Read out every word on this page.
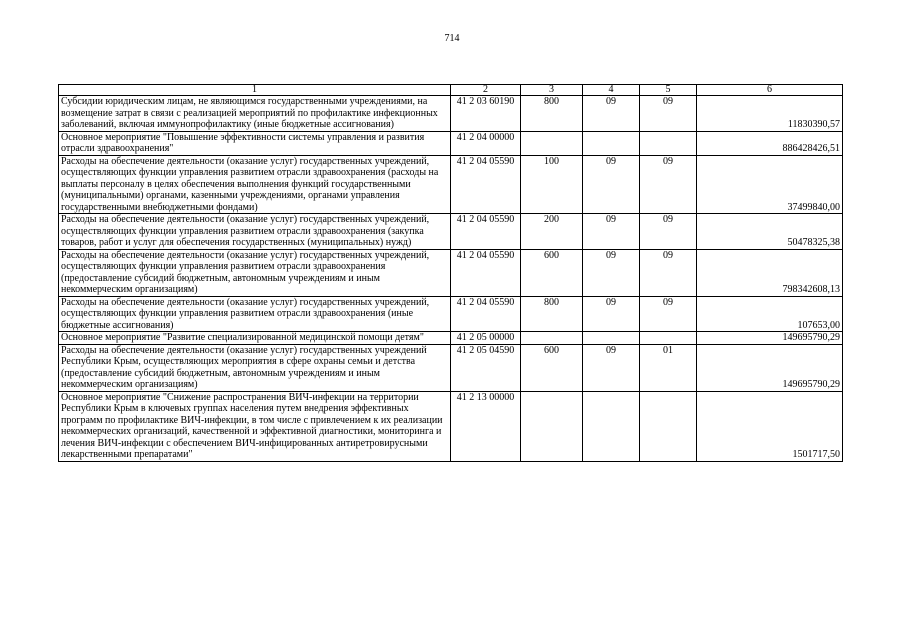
714
1	2	3	4	5	6
Субсидии юридическим лицам, не являющимся государственными учреждениями, на возмещение затрат в связи с реализацией мероприятий по профилактике инфекционных заболеваний, включая иммунопрофилактику (иные бюджетные ассигнования)	41 2 03 60190	800	09	09	11830390,57
Основное мероприятие "Повышение эффективности системы управления и развития отрасли здравоохранения"	41 2 04 00000				886428426,51
Расходы на обеспечение деятельности (оказание услуг) государственных учреждений, осуществляющих функции управления развитием отрасли здравоохранения (расходы на выплаты персоналу в целях обеспечения выполнения функций государственными (муниципальными) органами, казенными учреждениями, органами управления государственными внебюджетными фондами)	41 2 04 05590	100	09	09	37499840,00
Расходы на обеспечение деятельности (оказание услуг) государственных учреждений, осуществляющих функции управления развитием отрасли здравоохранения (закупка товаров, работ и услуг для обеспечения государственных (муниципальных) нужд)	41 2 04 05590	200	09	09	50478325,38
Расходы на обеспечение деятельности (оказание услуг) государственных учреждений, осуществляющих функции управления развитием отрасли здравоохранения (предоставление субсидий бюджетным, автономным учреждениям и иным некоммерческим организациям)	41 2 04 05590	600	09	09	798342608,13
Расходы на обеспечение деятельности (оказание услуг) государственных учреждений, осуществляющих функции управления развитием отрасли здравоохранения (иные бюджетные ассигнования)	41 2 04 05590	800	09	09	107653,00
Основное мероприятие "Развитие специализированной медицинской помощи детям"	41 2 05 00000				149695790,29
Расходы на обеспечение деятельности (оказание услуг) государственных учреждений Республики Крым, осуществляющих мероприятия в сфере охраны семьи и детства (предоставление субсидий бюджетным, автономным учреждениям и иным некоммерческим организациям)	41 2 05 04590	600	09	01	149695790,29
Основное мероприятие "Снижение распространения ВИЧ-инфекции на территории Республики Крым в ключевых группах населения путем внедрения эффективных программ по профилактике ВИЧ-инфекции, в том числе с привлечением к их реализации некоммерческих организаций, качественной и эффективной диагностики, мониторинга и лечения ВИЧ-инфекции с обеспечением ВИЧ-инфицированных антиретровирусными лекарственными препаратами"	41 2 13 00000				1501717,50
